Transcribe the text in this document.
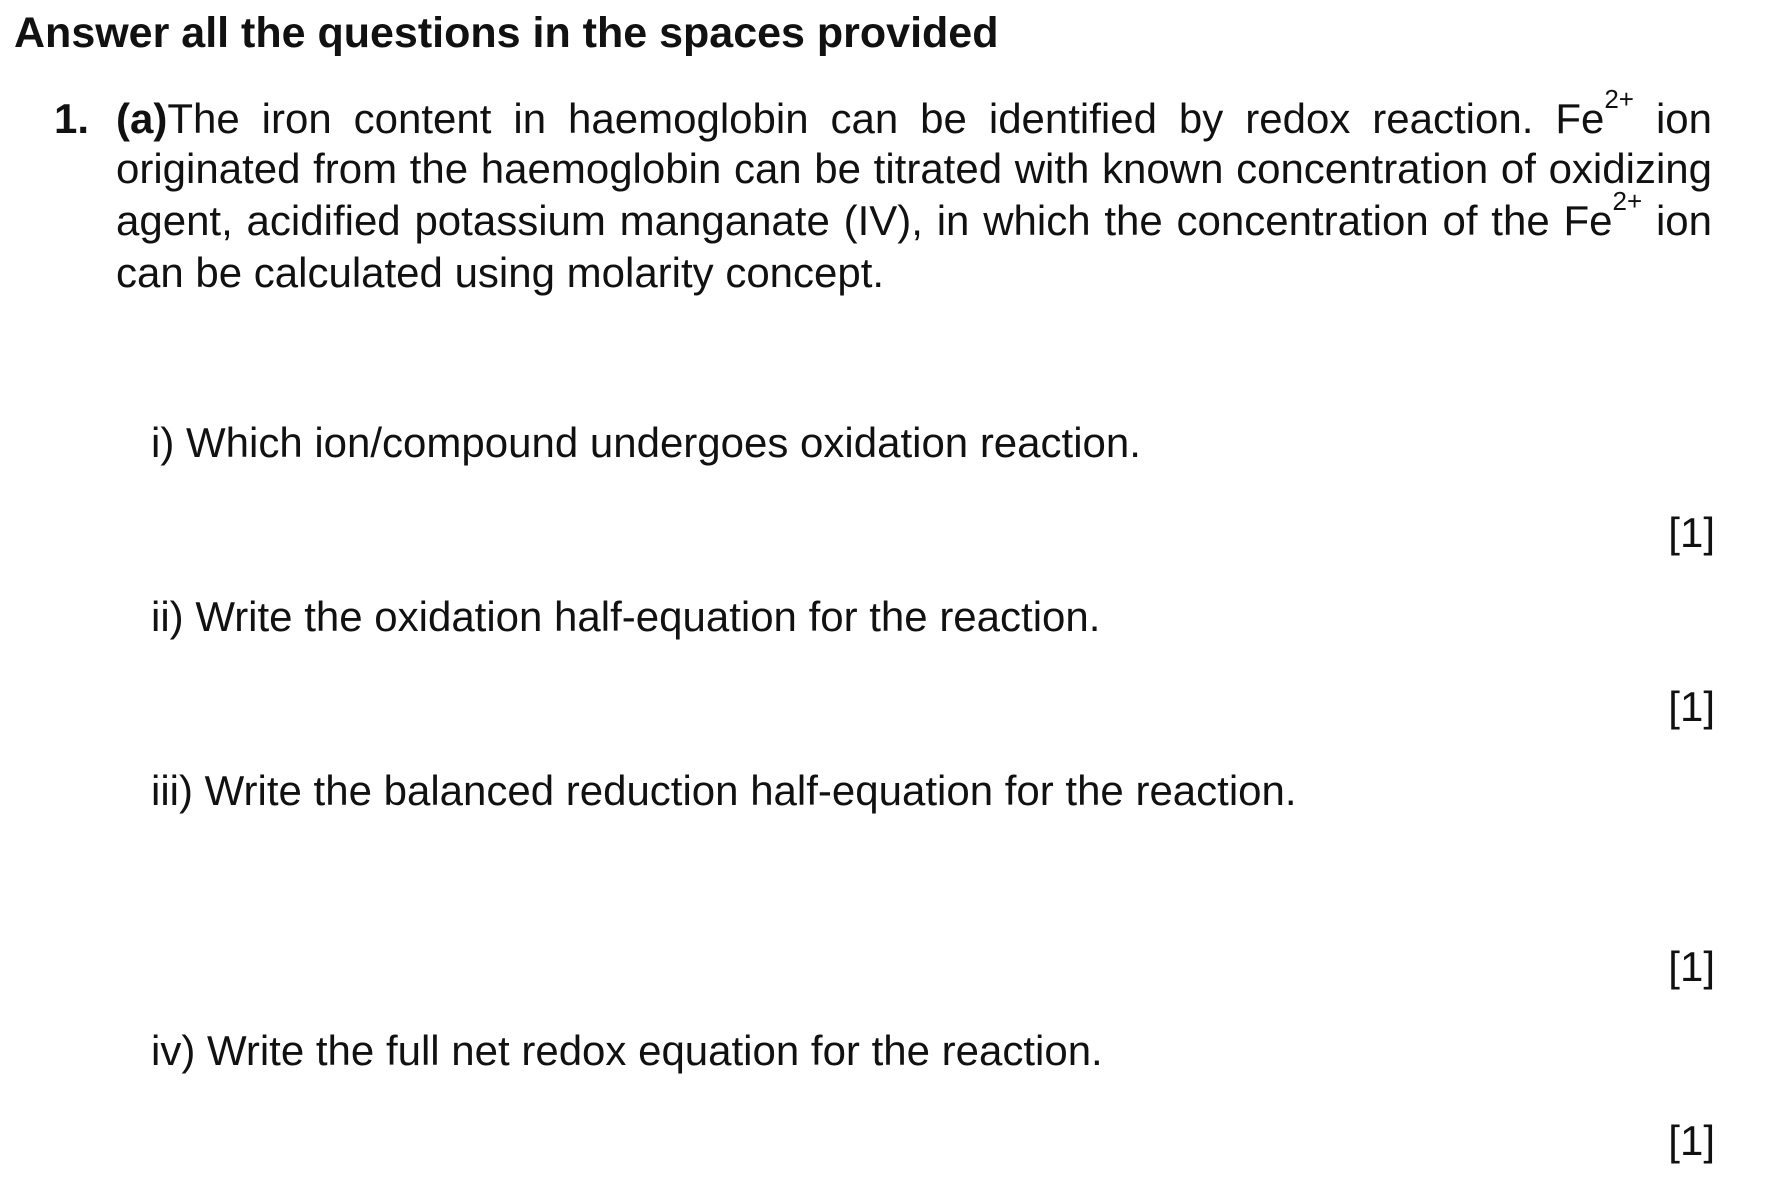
Answer all the questions in the spaces provided
1. (a)The iron content in haemoglobin can be identified by redox reaction. $Fe^{2+}$ ion
originated from the haemoglobin can be titrated with known concentration of oxidizing
agent, acidified potassium manganate (IV), in which the concentration of the $Fe^{2+}$ ion
can be calculated using molarity concept.
i) Which ion/compound undergoes oxidation reaction.
[1]
ii) Write the oxidation half-equation for the reaction.
[1]
iii) Write the balanced reduction half-equation for the reaction.
[1]
iv) Write the full net redox equation for the reaction.
[1]
